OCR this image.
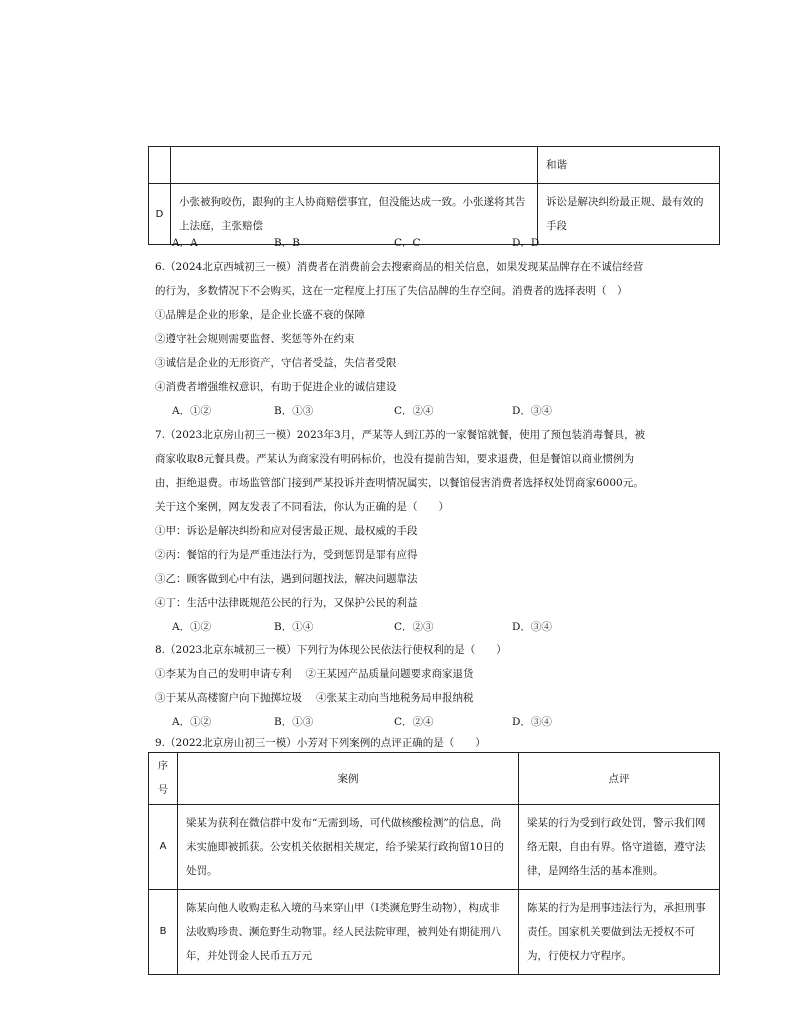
		和谐
D	小张被狗咬伤，跟狗的主人协商赔偿事宜，但没能达成一致。小张遂将其告上法庭，主张赔偿	诉讼是解决纠纷最正规、最有效的手段
A．A	B．B	C．C	D．D
6.（2024北京西城初三一模）消费者在消费前会去搜索商品的相关信息，如果发现某品牌存在不诚信经营
的行为，多数情况下不会购买，这在一定程度上打压了失信品牌的生存空间。消费者的选择表明（　）
①品牌是企业的形象，是企业长盛不衰的保障
②遵守社会规则需要监督、奖惩等外在约束
③诚信是企业的无形资产，守信者受益，失信者受限
④消费者增强维权意识，有助于促进企业的诚信建设
A．①②	B．①③	C．②④	D．③④
7.（2023北京房山初三一模）2023年3月，严某等人到江苏的一家餐馆就餐，使用了预包装消毒餐具，被
商家收取8元餐具费。严某认为商家没有明码标价，也没有提前告知，要求退费，但是餐馆以商业惯例为
由，拒绝退费。市场监管部门接到严某投诉并查明情况属实，以餐馆侵害消费者选择权处罚商家6000元。
关于这个案例，网友发表了不同看法，你认为正确的是（　　）
①甲：诉讼是解决纠纷和应对侵害最正规、最权威的手段
②丙：餐馆的行为是严重违法行为，受到惩罚是罪有应得
③乙：顾客做到心中有法，遇到问题找法，解决问题靠法
④丁：生活中法律既规范公民的行为，又保护公民的利益
A．①②	B．①④	C．②③	D．③④
8.（2023北京东城初三一模）下列行为体现公民依法行使权利的是（　　）
①李某为自己的发明申请专利 ②王某因产品质量问题要求商家退货
③于某从高楼窗户向下抛掷垃圾 ④张某主动向当地税务局申报纳税
A．①②	B．①③	C．②④	D．③④
9.（2022北京房山初三一模）小芳对下列案例的点评正确的是（　　）
序号	案例	点评
A	梁某为获利在微信群中发布“无需到场，可代做核酸检测”的信息，尚未实施即被抓获。公安机关依据相关规定，给予梁某行政拘留10日的处罚。	梁某的行为受到行政处罚，警示我们网络无限，自由有界。恪守道德，遵守法律，是网络生活的基本准则。
B	陈某向他人收购走私入境的马来穿山甲（I类濒危野生动物），构成非法收购珍贵、濒危野生动物罪。经人民法院审理，被判处有期徒刑八年，并处罚金人民币五万元	陈某的行为是刑事违法行为，承担刑事责任。国家机关要做到法无授权不可为，行使权力守程序。
